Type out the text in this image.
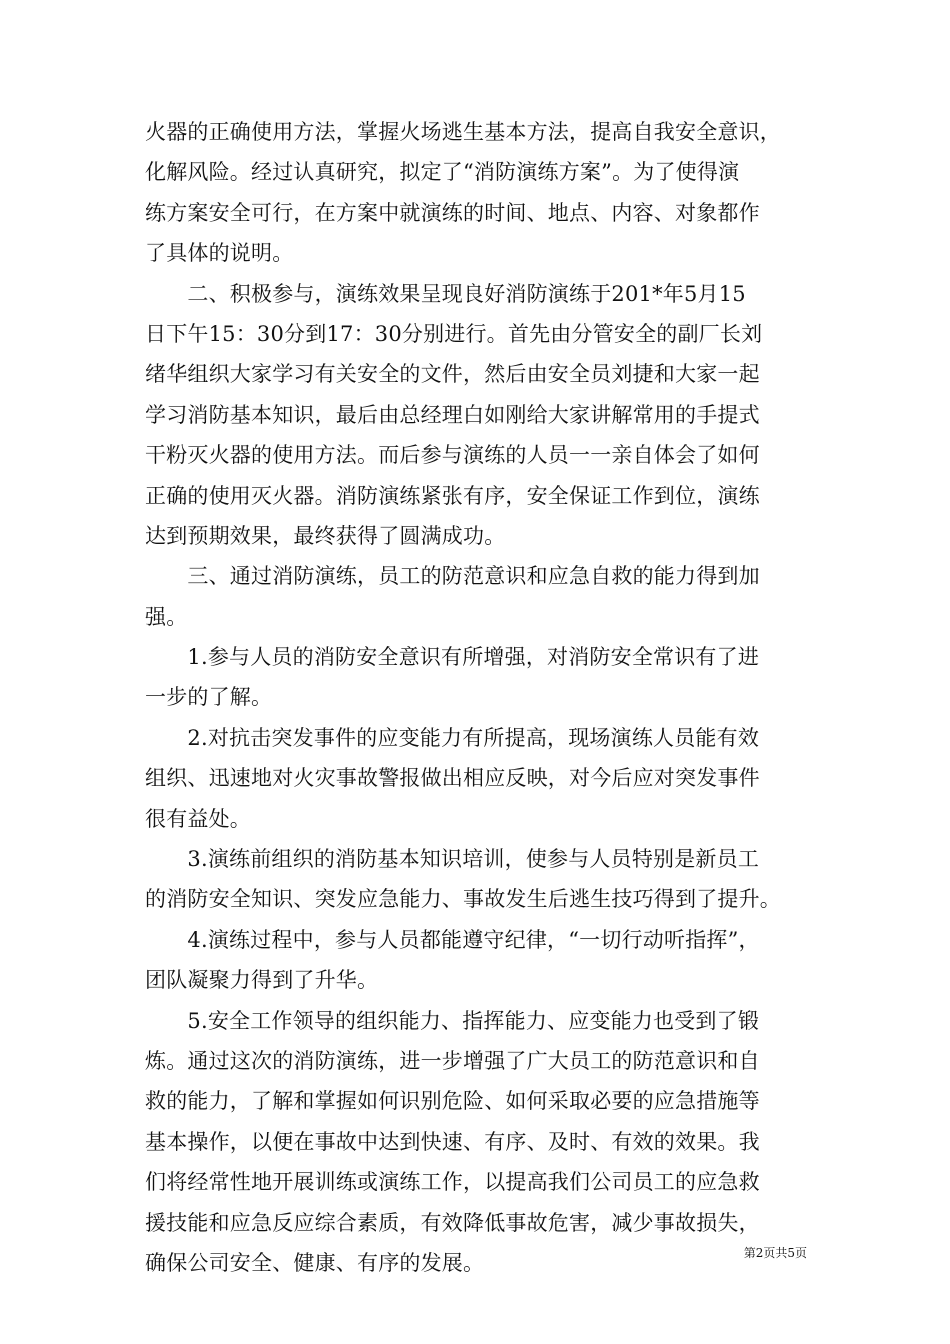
火器的正确使用方法，掌握火场逃生基本方法，提高自我安全意识，
化解风险。经过认真研究，拟定了“消防演练方案”。为了使得演
练方案安全可行，在方案中就演练的时间、地点、内容、对象都作
了具体的说明。
　　二、积极参与，演练效果呈现良好消防演练于201*年5月15
日下午15：30分到17：30分别进行。首先由分管安全的副厂长刘
绪华组织大家学习有关安全的文件，然后由安全员刘捷和大家一起
学习消防基本知识，最后由总经理白如刚给大家讲解常用的手提式
干粉灭火器的使用方法。而后参与演练的人员一一亲自体会了如何
正确的使用灭火器。消防演练紧张有序，安全保证工作到位，演练
达到预期效果，最终获得了圆满成功。
　　三、通过消防演练，员工的防范意识和应急自救的能力得到加
强。
　　1.参与人员的消防安全意识有所增强，对消防安全常识有了进
一步的了解。
　　2.对抗击突发事件的应变能力有所提高，现场演练人员能有效
组织、迅速地对火灾事故警报做出相应反映，对今后应对突发事件
很有益处。
　　3.演练前组织的消防基本知识培训，使参与人员特别是新员工
的消防安全知识、突发应急能力、事故发生后逃生技巧得到了提升。
　　4.演练过程中，参与人员都能遵守纪律，“一切行动听指挥”，
团队凝聚力得到了升华。
　　5.安全工作领导的组织能力、指挥能力、应变能力也受到了锻
炼。通过这次的消防演练，进一步增强了广大员工的防范意识和自
救的能力，了解和掌握如何识别危险、如何采取必要的应急措施等
基本操作，以便在事故中达到快速、有序、及时、有效的效果。我
们将经常性地开展训练或演练工作，以提高我们公司员工的应急救
援技能和应急反应综合素质，有效降低事故危害，减少事故损失，
确保公司安全、健康、有序的发展。	第2页共5页
